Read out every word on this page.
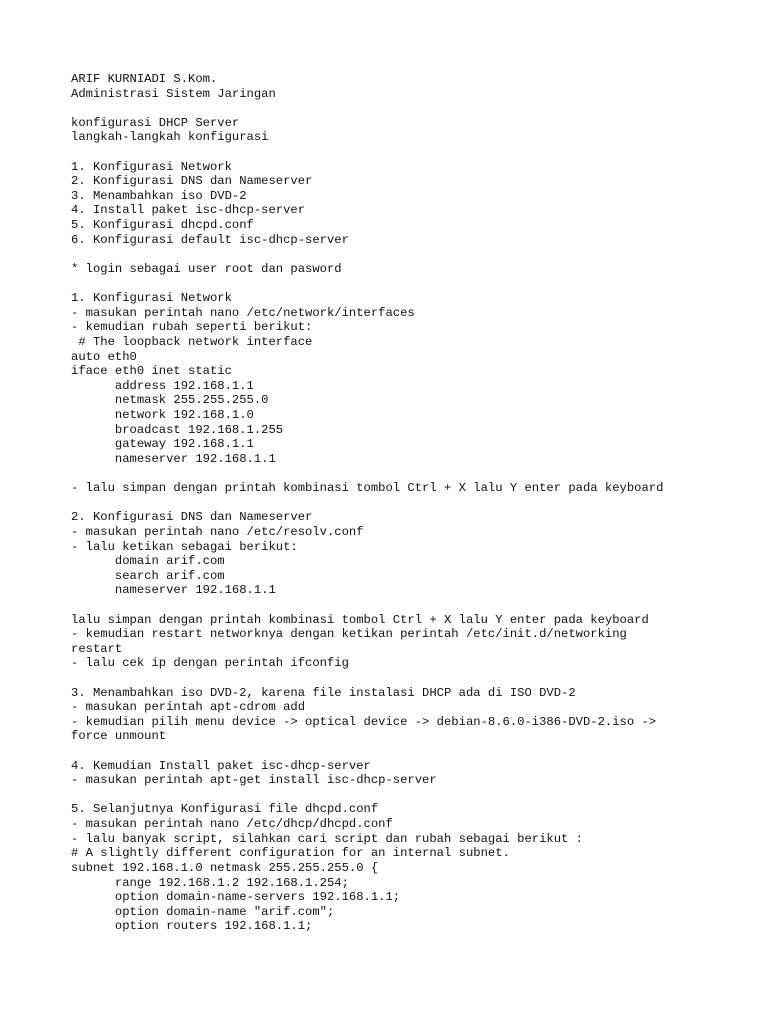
ARIF KURNIADI S.Kom.
Administrasi Sistem Jaringan
konfigurasi DHCP Server
langkah-langkah konfigurasi
1. Konfigurasi Network
2. Konfigurasi DNS dan Nameserver
3. Menambahkan iso DVD-2
4. Install paket isc-dhcp-server
5. Konfigurasi dhcpd.conf
6. Konfigurasi default isc-dhcp-server
* login sebagai user root dan pasword
1. Konfigurasi Network
- masukan perintah nano /etc/network/interfaces
- kemudian rubah seperti berikut:
# The loopback network interface
auto eth0
iface eth0 inet static
address 192.168.1.1
netmask 255.255.255.0
network 192.168.1.0
broadcast 192.168.1.255
gateway 192.168.1.1
nameserver 192.168.1.1
- lalu simpan dengan printah kombinasi tombol Ctrl + X lalu Y enter pada keyboard
2. Konfigurasi DNS dan Nameserver
- masukan perintah nano /etc/resolv.conf
- lalu ketikan sebagai berikut:
domain arif.com
search arif.com
nameserver 192.168.1.1
lalu simpan dengan printah kombinasi tombol Ctrl + X lalu Y enter pada keyboard
- kemudian restart networknya dengan ketikan perintah /etc/init.d/networking
restart
- lalu cek ip dengan perintah ifconfig
3. Menambahkan iso DVD-2, karena file instalasi DHCP ada di ISO DVD-2
- masukan perintah apt-cdrom add
- kemudian pilih menu device -> optical device -> debian-8.6.0-i386-DVD-2.iso ->
force unmount
4. Kemudian Install paket isc-dhcp-server
- masukan perintah apt-get install isc-dhcp-server
5. Selanjutnya Konfigurasi file dhcpd.conf
- masukan perintah nano /etc/dhcp/dhcpd.conf
- lalu banyak script, silahkan cari script dan rubah sebagai berikut :
# A slightly different configuration for an internal subnet.
subnet 192.168.1.0 netmask 255.255.255.0 {
range 192.168.1.2 192.168.1.254;
option domain-name-servers 192.168.1.1;
option domain-name "arif.com";
option routers 192.168.1.1;
